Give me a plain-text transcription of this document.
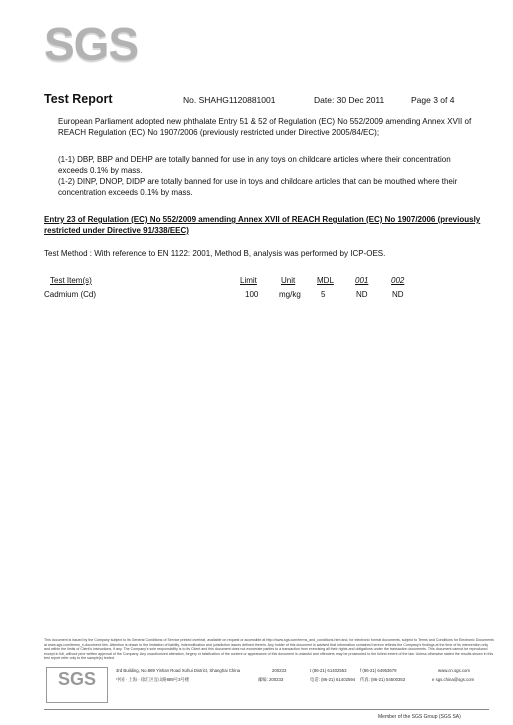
SGS
Test Report	No. SHAHG1120881001	Date: 30 Dec 2011	Page 3 of 4
European Parliament adopted new phthalate Entry 51 & 52 of Regulation (EC) No 552/2009 amending Annex XVII of REACH Regulation (EC) No 1907/2006 (previously restricted under Directive 2005/84/EC);
(1-1) DBP, BBP and DEHP are totally banned for use in any toys on childcare articles where their concentration exceeds 0.1% by mass.
(1-2) DINP, DNOP, DIDP are totally banned for use in toys and childcare articles that can be mouthed where their concentration exceeds 0.1% by mass.
Entry 23 of Regulation (EC) No 552/2009 amending Annex XVII of REACH Regulation (EC) No 1907/2006 (previously restricted under Directive 91/338/EEC)
Test Method : With reference to EN 1122: 2001, Method B, analysis was performed by ICP-OES.
Test Item(s)	Limit	Unit	MDL	001	002
Cadmium (Cd)	100	mg/kg	5	ND	ND
This document is issued by the Company subject to its General Conditions of Service printed overleaf, available on request or accessible at http://www.sgs.com/terms_and_conditions.htm and, for electronic format documents, subject to Terms and Conditions for Electronic Documents at www.sgs.com/terms_e-document.htm. Attention is drawn to the limitation of liability, indemnification and jurisdiction issues defined therein. Any holder of this document is advised that information contained hereon reflects the Company's findings at the time of its intervention only and within the limits of Client's instructions, if any. The Company's sole responsibility is to its Client and this document does not exonerate parties to a transaction from exercising all their rights and obligations under the transaction documents. This document cannot be reproduced except in full, without prior written approval of the Company. Any unauthorized alteration, forgery or falsification of the content or appearance of this document is unlawful and offenders may be prosecuted to the fullest extent of the law. Unless otherwise stated the results shown in this test report refer only to the sample(s) tested.
SGS	3rd Building, No.889 Yishan Road Xuhui District, Shanghai China	200233	t (86-21) 61402553	f (86-21) 64953679	www.cn.sgs.com
中国 · 上海 · 徐汇区宜山路889号3号楼	邮编: 200233	电话: (86-21) 61402594 传真: (86-21) 54500353	e sgs.china@sgs.com
Member of the SGS Group (SGS SA)
